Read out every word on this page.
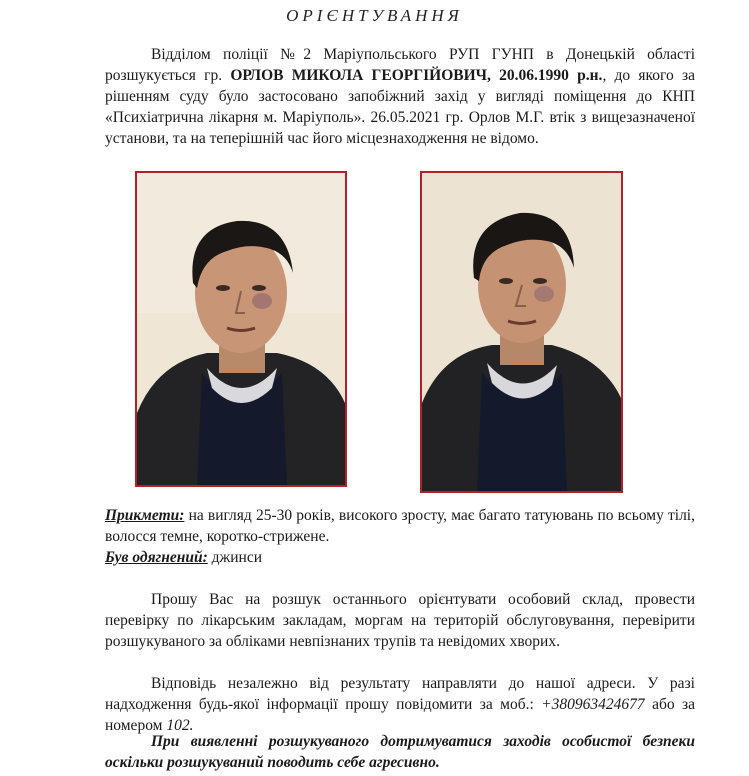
ОРІЄНТУВАННЯ

Відділом поліції №2 Маріупольського РУП ГУНП в Донецькій області розшукується гр. ОРЛОВ МИКОЛА ГЕОРГІЙОВИЧ, 20.06.1990 р.н., до якого за рішенням суду було застосовано запобіжний захід у вигляді поміщення до КНП «Психіатрична лікарня м. Маріуполь». 26.05.2021 гр. Орлов М.Г. втік з вищезазначеної установи, та на теперішній час його місцезнаходження не відомо.

Прикмети: на вигляд 25-30 років, високого зросту, має багато татуювань по всьому тілі, волосся темне, коротко-стрижене.

Був одягнений: джинси

Прошу Вас на розшук останнього орієнтувати особовий склад, провести перевірку по лікарським закладам, моргам на територій обслуговування, перевірити розшукуваного за обліками невпізнаних трупів та невідомих хворих.

Відповідь незалежно від результату направляти до нашої адреси. У разі надходження будь-якої інформації прошу повідомити за моб.: +380963424677 або за номером 102.

При виявленні розшукуваного дотримуватися заходів особистої безпеки оскільки розшукуваний поводить себе агресивно.
